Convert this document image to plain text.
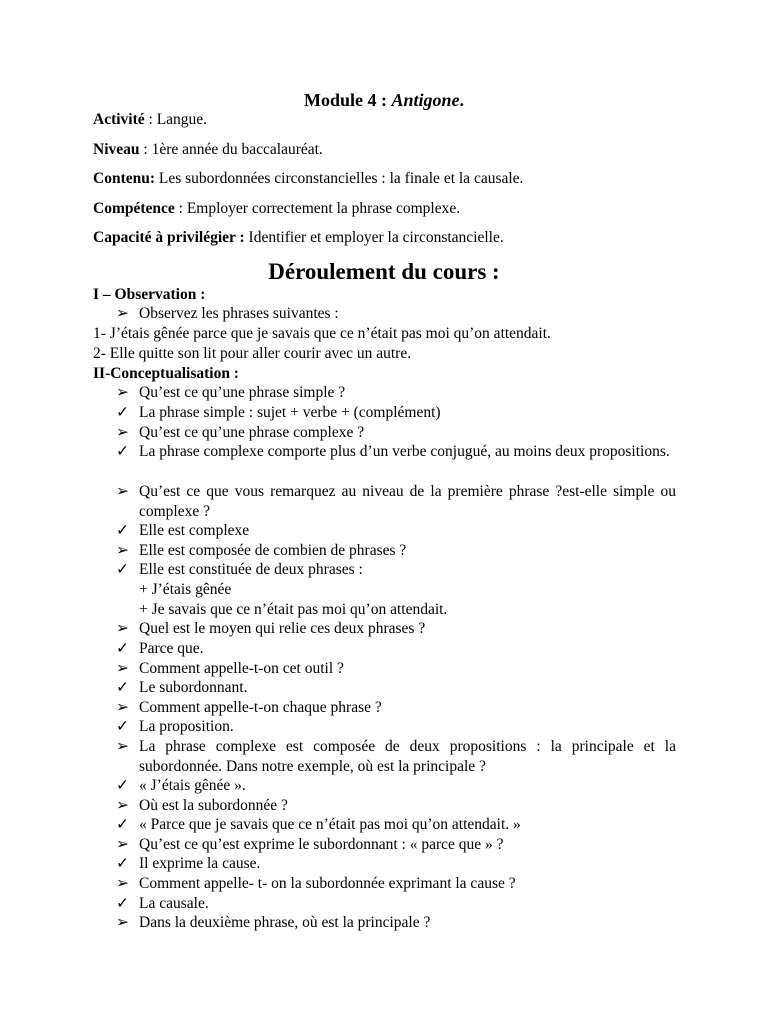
Module 4 : Antigone.
Activité : Langue.
Niveau : 1ère année du baccalauréat.
Contenu: Les subordonnées circonstancielles : la finale et la causale.
Compétence : Employer correctement la phrase complexe.
Capacité à privilégier : Identifier et employer la circonstancielle.
Déroulement du cours :
I – Observation :
➢ Observez les phrases suivantes :
1- J’étais gênée parce que je savais que ce n’était pas moi qu’on attendait.
2- Elle quitte son lit pour aller courir avec un autre.
II-Conceptualisation :
➢ Qu’est ce qu’une phrase simple ?
✓ La phrase simple : sujet + verbe + (complément)
➢ Qu’est ce qu’une phrase complexe ?
✓ La phrase complexe comporte plus d’un verbe conjugué, au moins deux propositions.
➢ Qu’est ce que vous remarquez au niveau de la première phrase ?est-elle simple ou complexe ?
✓ Elle est complexe
➢ Elle est composée de combien de phrases ?
✓ Elle est constituée de deux phrases :
+ J’étais gênée
+ Je savais que ce n’était pas moi qu’on attendait.
➢ Quel est le moyen qui relie ces deux phrases ?
✓ Parce que.
➢ Comment appelle-t-on cet outil ?
✓ Le subordonnant.
➢ Comment appelle-t-on chaque phrase ?
✓ La proposition.
➢ La phrase complexe est composée de deux propositions : la principale et la subordonnée. Dans notre exemple, où est la principale ?
✓ « J’étais gênée ».
➢ Où est la subordonnée ?
✓ « Parce que je savais que ce n’était pas moi qu’on attendait. »
➢ Qu’est ce qu’est exprime le subordonnant : « parce que » ?
✓ Il exprime la cause.
➢ Comment appelle- t- on la subordonnée exprimant la cause ?
✓ La causale.
➢ Dans la deuxième phrase, où est la principale ?
